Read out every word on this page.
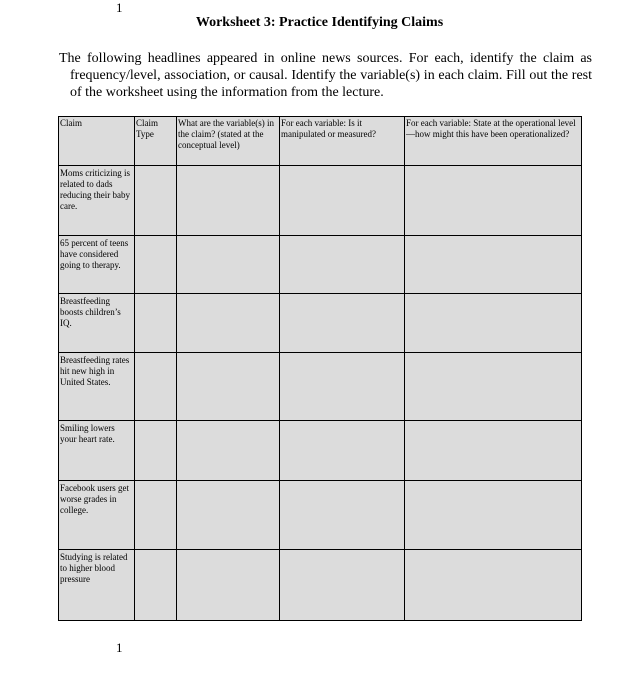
1
Worksheet 3: Practice Identifying Claims
The following headlines appeared in online news sources. For each, identify the claim as frequency/level, association, or causal. Identify the variable(s) in each claim. Fill out the rest of the worksheet using the information from the lecture.
Claim	Claim Type	What are the variable(s) in the claim? (stated at the conceptual level)	For each variable: Is it manipulated or measured?	For each variable: State at the operational level—how might this have been operationalized?

Moms criticizing is related to dads reducing their baby care.				

65 percent of teens have considered going to therapy.				

Breastfeeding boosts children’s IQ.				

Breastfeeding rates hit new high in United States.				

Smiling lowers your heart rate.				

Facebook users get worse grades in college.				

Studying is related to higher blood pressure				

1
